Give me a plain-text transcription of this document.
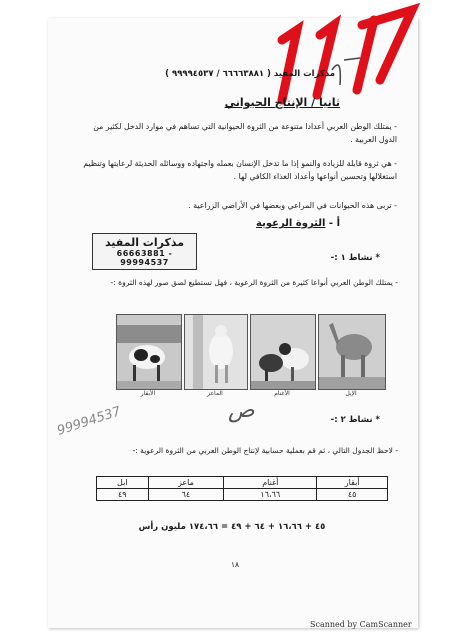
مذكرات المفيد ( ٦٦٦٦٣٨٨١ / ٩٩٩٩٤٥٣٧ )
ثانيا / الإنتاج الحيواني
- يمتلك الوطن العربي أعدادا متنوعة من الثروة الحيوانية التي تساهم في موارد الدخل لكثير من الدول العربية .
- هي ثروة قابلة للزيادة والنمو إذا ما تدخل الإنسان بعمله واجتهاده ووسائله الحديثة لرعايتها وتنظيم استغلالها وتحسين أنواعها وأعداد الغذاء الكافي لها .
- تربى هذه الحيوانات في المراعي وبعضها في الأراضي الزراعية .
أ - الثروة الرعوية
مذكرات المفيد
66663881 - 99994537	* نشاط ١ :-
- يمتلك الوطن العربي أنواعا كثيرة من الثروة الرعوية ، فهل تستطيع لصق صور لهذه الثروة :-
الإبل
الأغنام
الماعز
الأبقار
ص
99994537	* نشاط ٢ :-
- لاحظ الجدول التالي ، ثم قم بعملية حسابية لإنتاج الوطن العربي من الثروة الرعوية :-
أبقار	أغنام	ماعز	ابل
٤٥	١٦،٦٦	٦٤	٤٩
٤٥ + ١٦،٦٦ + ٦٤ + ٤٩ = ١٧٤،٦٦ مليون رأس
١٨
Scanned by CamScanner
